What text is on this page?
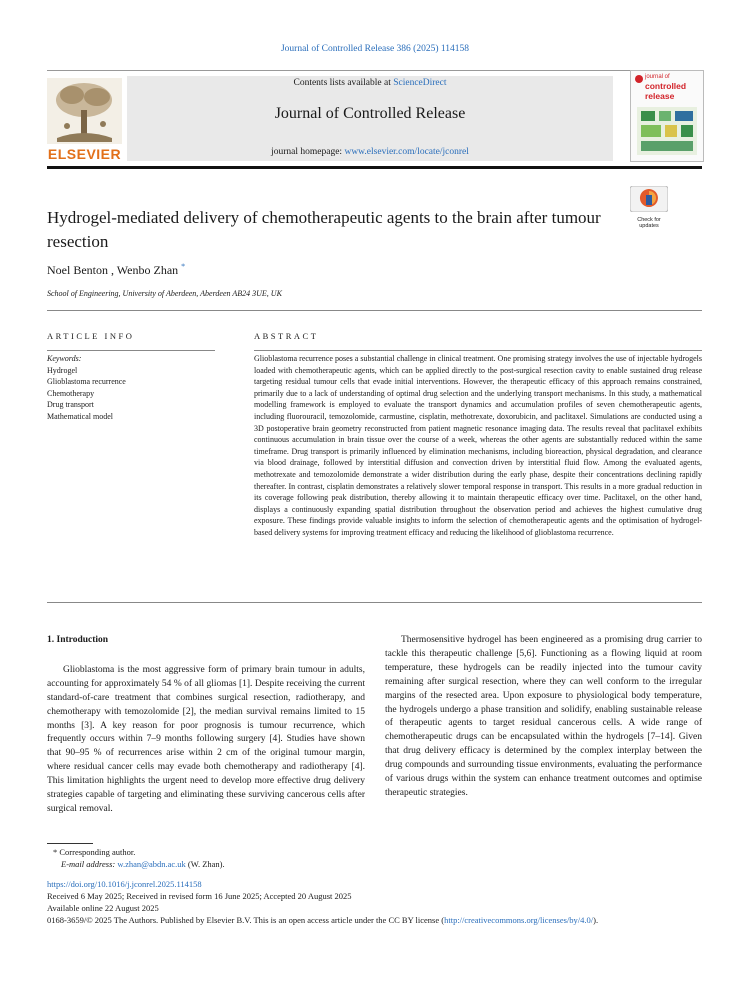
Journal of Controlled Release 386 (2025) 114158
ELSEVIER
Contents lists available at ScienceDirect
Journal of Controlled Release
journal homepage: www.elsevier.com/locate/jconrel
journal of
controlled
release
Check for updates
Hydrogel-mediated delivery of chemotherapeutic agents to the brain after tumour resection
Noel Benton , Wenbo Zhan *
School of Engineering, University of Aberdeen, Aberdeen AB24 3UE, UK
ARTICLE INFO	ABSTRACT
Keywords:
Hydrogel
Glioblastoma recurrence
Chemotherapy
Drug transport
Mathematical model
Glioblastoma recurrence poses a substantial challenge in clinical treatment. One promising strategy involves the use of injectable hydrogels loaded with chemotherapeutic agents, which can be applied directly to the post-surgical resection cavity to enable sustained drug release targeting residual tumour cells that evade initial interventions. However, the therapeutic efficacy of this approach remains constrained, primarily due to a lack of understanding of optimal drug selection and the underlying transport mechanisms. In this study, a mathematical modelling framework is employed to evaluate the transport dynamics and accumulation profiles of seven chemotherapeutic agents, including fluorouracil, temozolomide, carmustine, cisplatin, methotrexate, doxorubicin, and paclitaxel. Simulations are conducted using a 3D postoperative brain geometry reconstructed from patient magnetic resonance imaging data. The results reveal that paclitaxel exhibits continuous accumulation in brain tissue over the course of a week, whereas the other agents are substantially reduced within the same timeframe. Drug transport is primarily influenced by elimination mechanisms, including bioreaction, physical degradation, and clearance via blood drainage, followed by interstitial diffusion and convection driven by interstitial fluid flow. Among the evaluated agents, methotrexate and temozolomide demonstrate a wider distribution during the early phase, despite their concentrations declining rapidly thereafter. In contrast, cisplatin demonstrates a relatively slower temporal response in transport. This results in a more gradual reduction in its coverage following peak distribution, thereby allowing it to maintain therapeutic efficacy over time. Paclitaxel, on the other hand, displays a continuously expanding spatial distribution throughout the observation period and achieves the highest cumulative drug exposure. These findings provide valuable insights to inform the selection of chemotherapeutic agents and the optimisation of hydrogel-based delivery systems for improving treatment efficacy and reducing the likelihood of glioblastoma recurrence.
1. Introduction

Glioblastoma is the most aggressive form of primary brain tumour in adults, accounting for approximately 54 % of all gliomas [1]. Despite receiving the current standard-of-care treatment that combines surgical resection, radiotherapy, and chemotherapy with temozolomide [2], the median survival remains limited to 15 months [3]. A key reason for poor prognosis is tumour recurrence, which frequently occurs within 7–9 months following surgery [4]. Studies have shown that 90–95 % of recurrences arise within 2 cm of the original tumour margin, where residual cancer cells may evade both chemotherapy and radiotherapy [4]. This limitation highlights the urgent need to develop more effective drug delivery strategies capable of targeting and eliminating these surviving cancerous cells after surgical removal.

Thermosensitive hydrogel has been engineered as a promising drug carrier to tackle this therapeutic challenge [5,6]. Functioning as a flowing liquid at room temperature, these hydrogels can be readily injected into the tumour cavity remaining after surgical resection, where they can well conform to the irregular margins of the resected area. Upon exposure to physiological body temperature, the hydrogels undergo a phase transition and solidify, enabling sustainable release of therapeutic agents to target residual cancerous cells. A wide range of chemotherapeutic drugs can be encapsulated within the hydrogels [7–14]. Given that drug delivery efficacy is determined by the complex interplay between the drug compounds and surrounding tissue environments, evaluating the performance of various drugs within the system can enhance treatment outcomes and optimise therapeutic strategies.

* Corresponding author.
E-mail address: w.zhan@abdn.ac.uk (W. Zhan).
https://doi.org/10.1016/j.jconrel.2025.114158
Received 6 May 2025; Received in revised form 16 June 2025; Accepted 20 August 2025
Available online 22 August 2025
0168-3659/© 2025 The Authors. Published by Elsevier B.V. This is an open access article under the CC BY license (http://creativecommons.org/licenses/by/4.0/).
